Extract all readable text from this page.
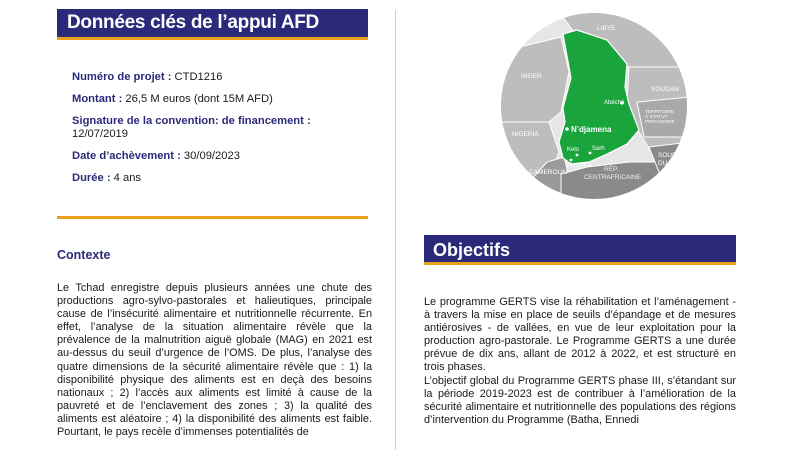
Données clés de l’appui AFD
Numéro de projet : CTD1216
Montant : 26,5 M euros (dont 15M AFD)
Signature de la convention: de financement :
12/07/2019
Date d’achèvement : 30/09/2023
Durée : 4 ans
Contexte
Le Tchad enregistre depuis plusieurs années une chute des productions agro-sylvo-pastorales et halieutiques, principale cause de l’insécurité alimentaire et nutritionnelle récurrente. En effet, l’analyse de la situation alimentaire révèle que la prévalence de la malnutrition aiguë globale (MAG) en 2021 est au-dessus du seuil d’urgence de l’OMS. De plus, l’analyse des quatre dimensions de la sécurité alimentaire révèle que : 1) la disponibilité physique des aliments est en deçà des besoins nationaux ; 2) l’accès aux aliments est limité à cause de la pauvreté et de l’enclavement des zones ; 3) la qualité des aliments est aléatoire ; 4) la disponibilité des aliments est faible. Pourtant, le pays recèle d’immenses potentialités de
LIBYE
NIGER
SOUDAN
TERRITOIRE
À STATUT
PROVISOIRE
NIGERIA
SOUDAN
DU SUD
CAMEROUN	RÉP.
CENTRAFRICAINE
Abéché
N’djamena
Kelo Sarh
Moundou
Objectifs
Le programme GERTS vise la réhabilitation et l’aménagement - à travers la mise en place de seuils d’épandage et de mesures antiérosives - de vallées, en vue de leur exploitation pour la production agro-pastorale. Le Programme GERTS a une durée prévue de dix ans, allant de 2012 à 2022, et est structuré en trois phases.
L’objectif global du Programme GERTS phase III, s’étandant sur la période 2019-2023 est de contribuer à l’amélioration de la sécurité alimentaire et nutritionnelle des populations des régions d’intervention du Programme (Batha, Ennedi
